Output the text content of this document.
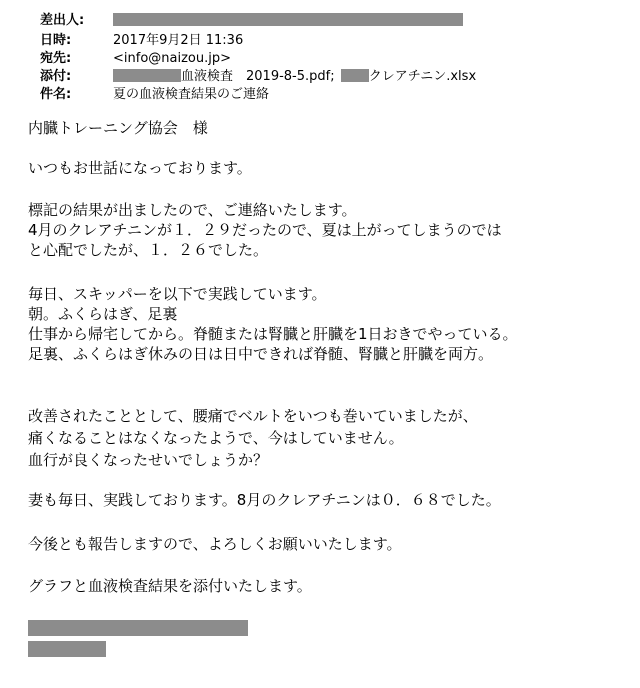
差出人:
日時:	2017年9月2日 11:36
宛先:	<info@naizou.jp>
添付:	血液検査　2019-8-5.pdf;	クレアチニン.xlsx
件名:	夏の血液検査結果のご連絡
内臓トレーニング協会　様
いつもお世話になっております。
標記の結果が出ましたので、ご連絡いたします。
4月のクレアチニンが１．２９だったので、夏は上がってしまうのでは
と心配でしたが、１．２６でした。
毎日、スキッパーを以下で実践しています。
朝。ふくらはぎ、足裏
仕事から帰宅してから。脊髄または腎臓と肝臓を1日おきでやっている。
足裏、ふくらはぎ休みの日は日中できれば脊髄、腎臓と肝臓を両方。
改善されたこととして、腰痛でベルトをいつも巻いていましたが、
痛くなることはなくなったようで、今はしていません。
血行が良くなったせいでしょうか？
妻も毎日、実践しております。8月のクレアチニンは０．６８でした。
今後とも報告しますので、よろしくお願いいたします。
グラフと血液検査結果を添付いたします。
